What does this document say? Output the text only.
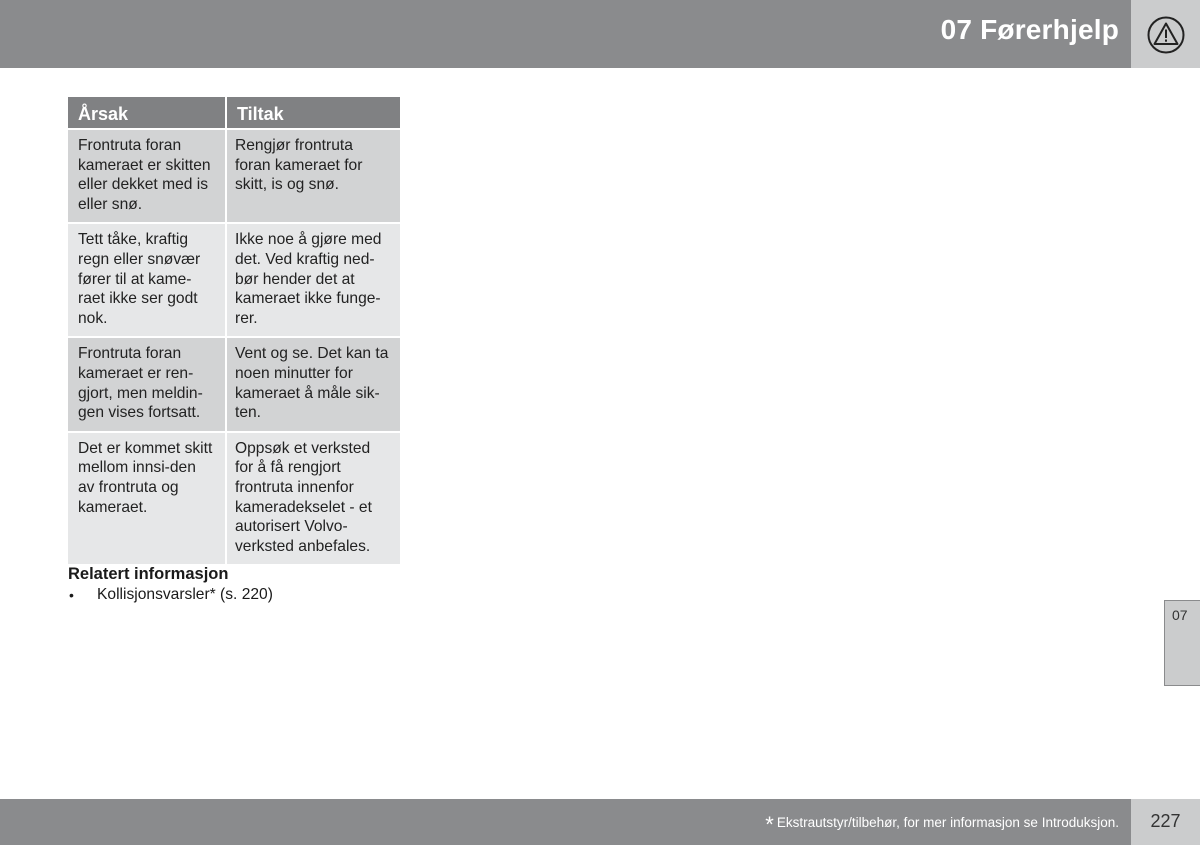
07 Førerhjelp
Årsak	Tiltak
Frontruta foran kameraet er skitten eller dekket med is eller snø.	Rengjør frontruta foran kameraet for skitt, is og snø.
Tett tåke, kraftig regn eller snøvær fører til at kame-raet ikke ser godt nok.	Ikke noe å gjøre med det. Ved kraftig ned-bør hender det at kameraet ikke funge-rer.
Frontruta foran kameraet er ren-gjort, men meldin-gen vises fortsatt.	Vent og se. Det kan ta noen minutter for kameraet å måle sik-ten.
Det er kommet skitt mellom innsi-den av frontruta og kameraet.	Oppsøk et verksted for å få rengjort frontruta innenfor kameradekselet - et autorisert Volvo-verksted anbefales.
Relatert informasjon
• Kollisjonsvarsler* (s. 220)
07
* Ekstrautstyr/tilbehør, for mer informasjon se Introduksjon.	227
